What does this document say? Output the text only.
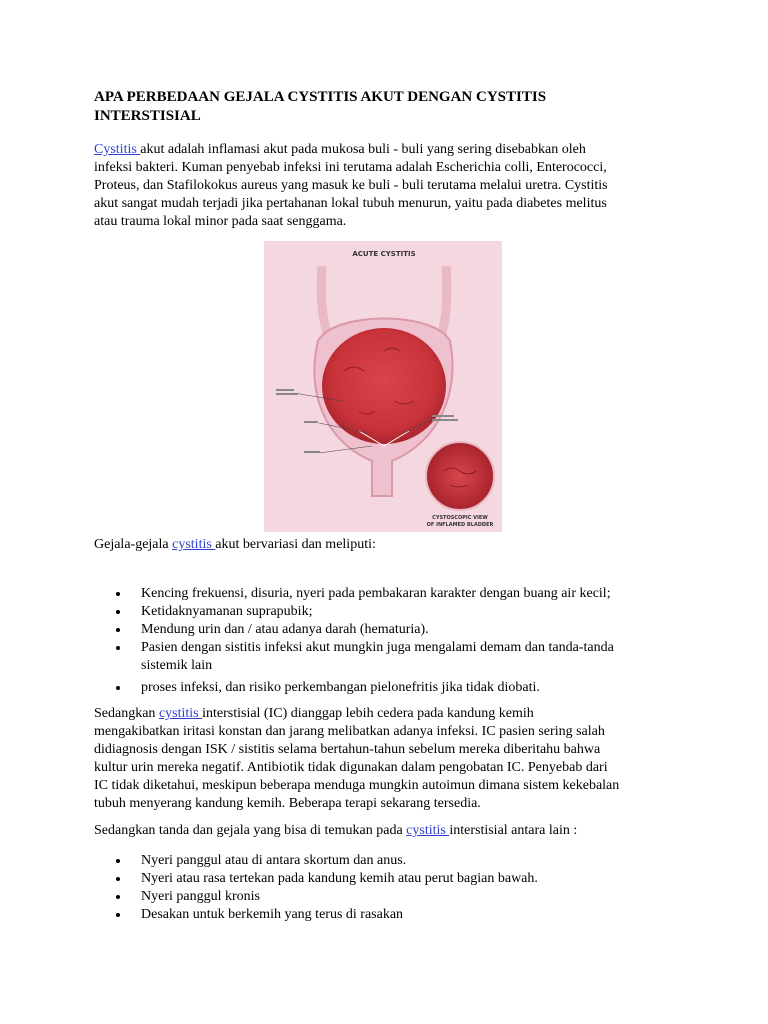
APA PERBEDAAN GEJALA CYSTITIS AKUT DENGAN CYSTITIS
INTERSTISIAL

Cystitis akut adalah inflamasi akut pada mukosa buli - buli yang sering disebabkan oleh
infeksi bakteri. Kuman penyebab infeksi ini terutama adalah Escherichia colli, Enterococci,
Proteus, dan Stafilokokus aureus yang masuk ke buli - buli terutama melalui uretra. Cystitis
akut sangat mudah terjadi jika pertahanan lokal tubuh menurun, yaitu pada diabetes melitus
atau trauma lokal minor pada saat senggama.

ACUTE CYSTITIS
CYSTOSCOPIC VIEW
OF INFLAMED BLADDER

Gejala-gejala cystitis akut bervariasi dan meliputi:

Kencing frekuensi, disuria, nyeri pada pembakaran karakter dengan buang air kecil;
Ketidaknyamanan suprapubik;
Mendung urin dan / atau adanya darah (hematuria).
Pasien dengan sistitis infeksi akut mungkin juga mengalami demam dan tanda-tanda
sistemik lain
proses infeksi, dan risiko perkembangan pielonefritis jika tidak diobati.

Sedangkan cystitis interstisial (IC) dianggap lebih cedera pada kandung kemih
mengakibatkan iritasi konstan dan jarang melibatkan adanya infeksi. IC pasien sering salah
didiagnosis dengan ISK / sistitis selama bertahun-tahun sebelum mereka diberitahu bahwa
kultur urin mereka negatif. Antibiotik tidak digunakan dalam pengobatan IC. Penyebab dari
IC tidak diketahui, meskipun beberapa menduga mungkin autoimun dimana sistem kekebalan
tubuh menyerang kandung kemih. Beberapa terapi sekarang tersedia.

Sedangkan tanda dan gejala yang bisa di temukan pada cystitis interstisial antara lain :

Nyeri panggul atau di antara skortum dan anus.
Nyeri atau rasa tertekan pada kandung kemih atau perut bagian bawah.
Nyeri panggul kronis
Desakan untuk berkemih yang terus di rasakan
